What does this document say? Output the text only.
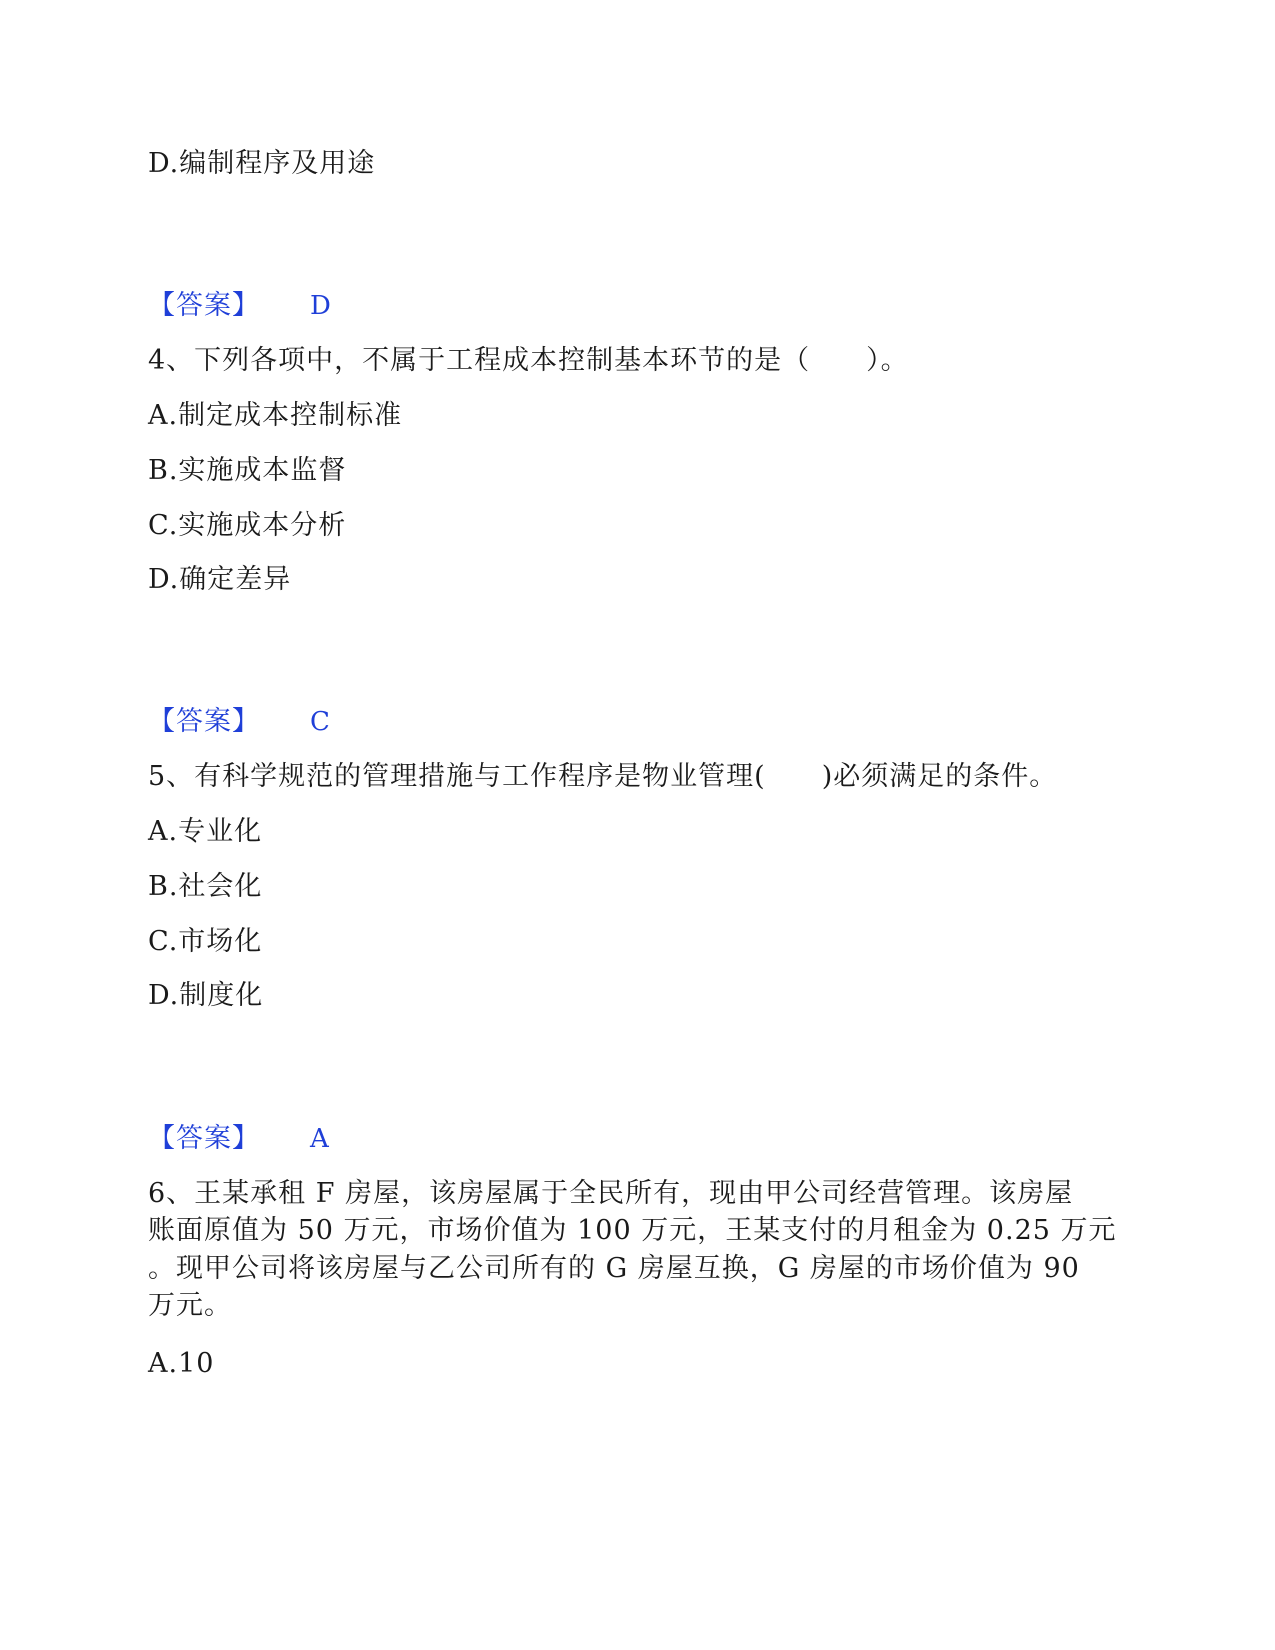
D.编制程序及用途
【答案】 D
4、下列各项中，不属于工程成本控制基本环节的是（　　）。
A.制定成本控制标准
B.实施成本监督
C.实施成本分析
D.确定差异
【答案】 C
5、有科学规范的管理措施与工作程序是物业管理(　　)必须满足的条件。
A.专业化
B.社会化
C.市场化
D.制度化
【答案】 A
6、王某承租 F 房屋，该房屋属于全民所有，现由甲公司经营管理。该房屋
账面原值为 50 万元，市场价值为 100 万元，王某支付的月租金为 0.25 万元
。现甲公司将该房屋与乙公司所有的 G 房屋互换，G 房屋的市场价值为 90
万元。
A.10
